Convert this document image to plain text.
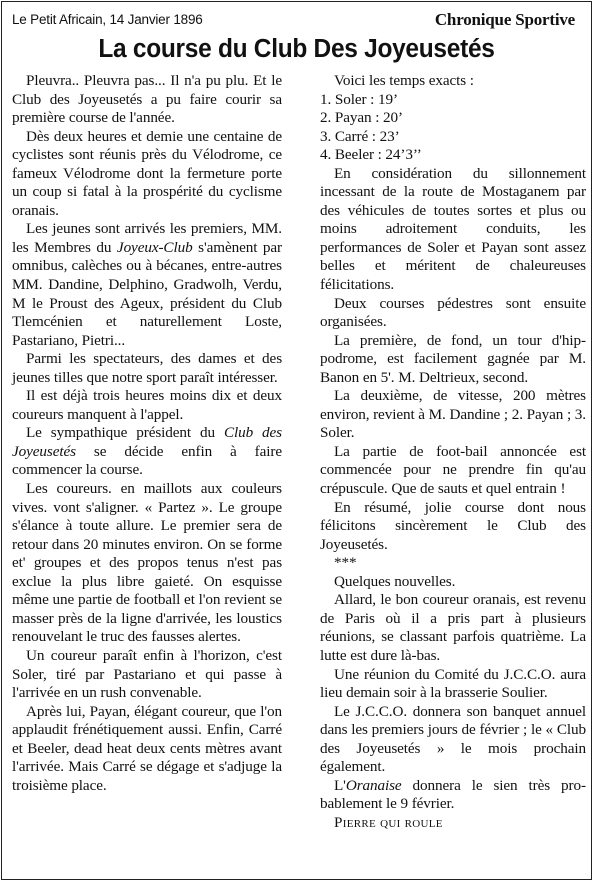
Le Petit Africain, 14 Janvier 1896	Chronique Sportive
La course du Club Des Joyeusetés

Pleuvra.. Pleuvra pas... Il n'a pu plu. Et le Club des Joyeusetés a pu faire courir sa première course de l'année.

Dès deux heures et demie une centaine de cyclistes sont réunis près du Vélodrome, ce fameux Vélodrome dont la fermeture porte un coup si fatal à la prospérité du cyclisme oranais.

Les jeunes sont arrivés les premiers, MM. les Membres du Joyeux-Club s'amènent par omnibus, calèches ou à bécanes, entre-autres MM. Dandine, Delphino, Gradwolh, Verdu, M le Proust des Ageux, président du Club Tlemcénien et naturellement Loste, Pastariano, Pietri...

Parmi les spectateurs, des dames et des jeunes tilles que notre sport paraît intéresser.

Il est déjà trois heures moins dix et deux coureurs manquent à l'appel.

Le sympathique président du Club des Joyeusetés se décide enfin à faire commencer la course.

Les coureurs. en maillots aux couleurs vives. vont s'aligner. « Partez ». Le groupe s'élance à toute allure. Le premier sera de retour dans 20 minutes environ. On se forme et' groupes et des propos tenus n'est pas exclue la plus libre gaieté. On esquisse même une partie de football et l'on revient se masser près de la ligne d'arrivée, les loustics renouvelant le truc des fausses alertes.

Un coureur paraît enfin à l'horizon, c'est Soler, tiré par Pastariano et qui passe à l'arrivée en un rush convenable.

Après lui, Payan, élégant coureur, que l'on applaudit frénétiquement aussi. Enfin, Carré et Beeler, dead heat deux cents mètres avant l'arrivée. Mais Carré se dégage et s'adjuge la troisième place.

Voici les temps exacts :

1. Soler : 19’

2. Payan : 20’

3. Carré : 23’

4. Beeler : 24’3’’

En considération du sillonnement incessant de la route de Mostaganem par des véhicules de toutes sortes et plus ou moins adroitement conduits, les performances de Soler et Payan sont assez belles et méritent de chaleureuses félicitations.

Deux courses pédestres sont ensuite organisées.

La première, de fond, un tour d'hippodrome, est facilement gagnée par M. Banon en 5'. M. Deltrieux, second.

La deuxième, de vitesse, 200 mètres environ, revient à M. Dandine ; 2. Payan ; 3. Soler.

La partie de foot-bail annoncée est commencée pour ne prendre fin qu'au crépuscule. Que de sauts et quel entrain !

En résumé, jolie course dont nous félicitons sincèrement le Club des Joyeusetés.

***

Quelques nouvelles.

Allard, le bon coureur oranais, est revenu de Paris où il a pris part à plusieurs réunions, se classant parfois quatrième. La lutte est dure là-bas.

Une réunion du Comité du J.C.C.O. aura lieu demain soir à la brasserie Soulier.

Le J.C.C.O. donnera son banquet annuel dans les premiers jours de février ; le « Club des Joyeusetés » le mois prochain également.

L'Oranaise donnera le sien très probablement le 9 février.

Pierre qui roule
